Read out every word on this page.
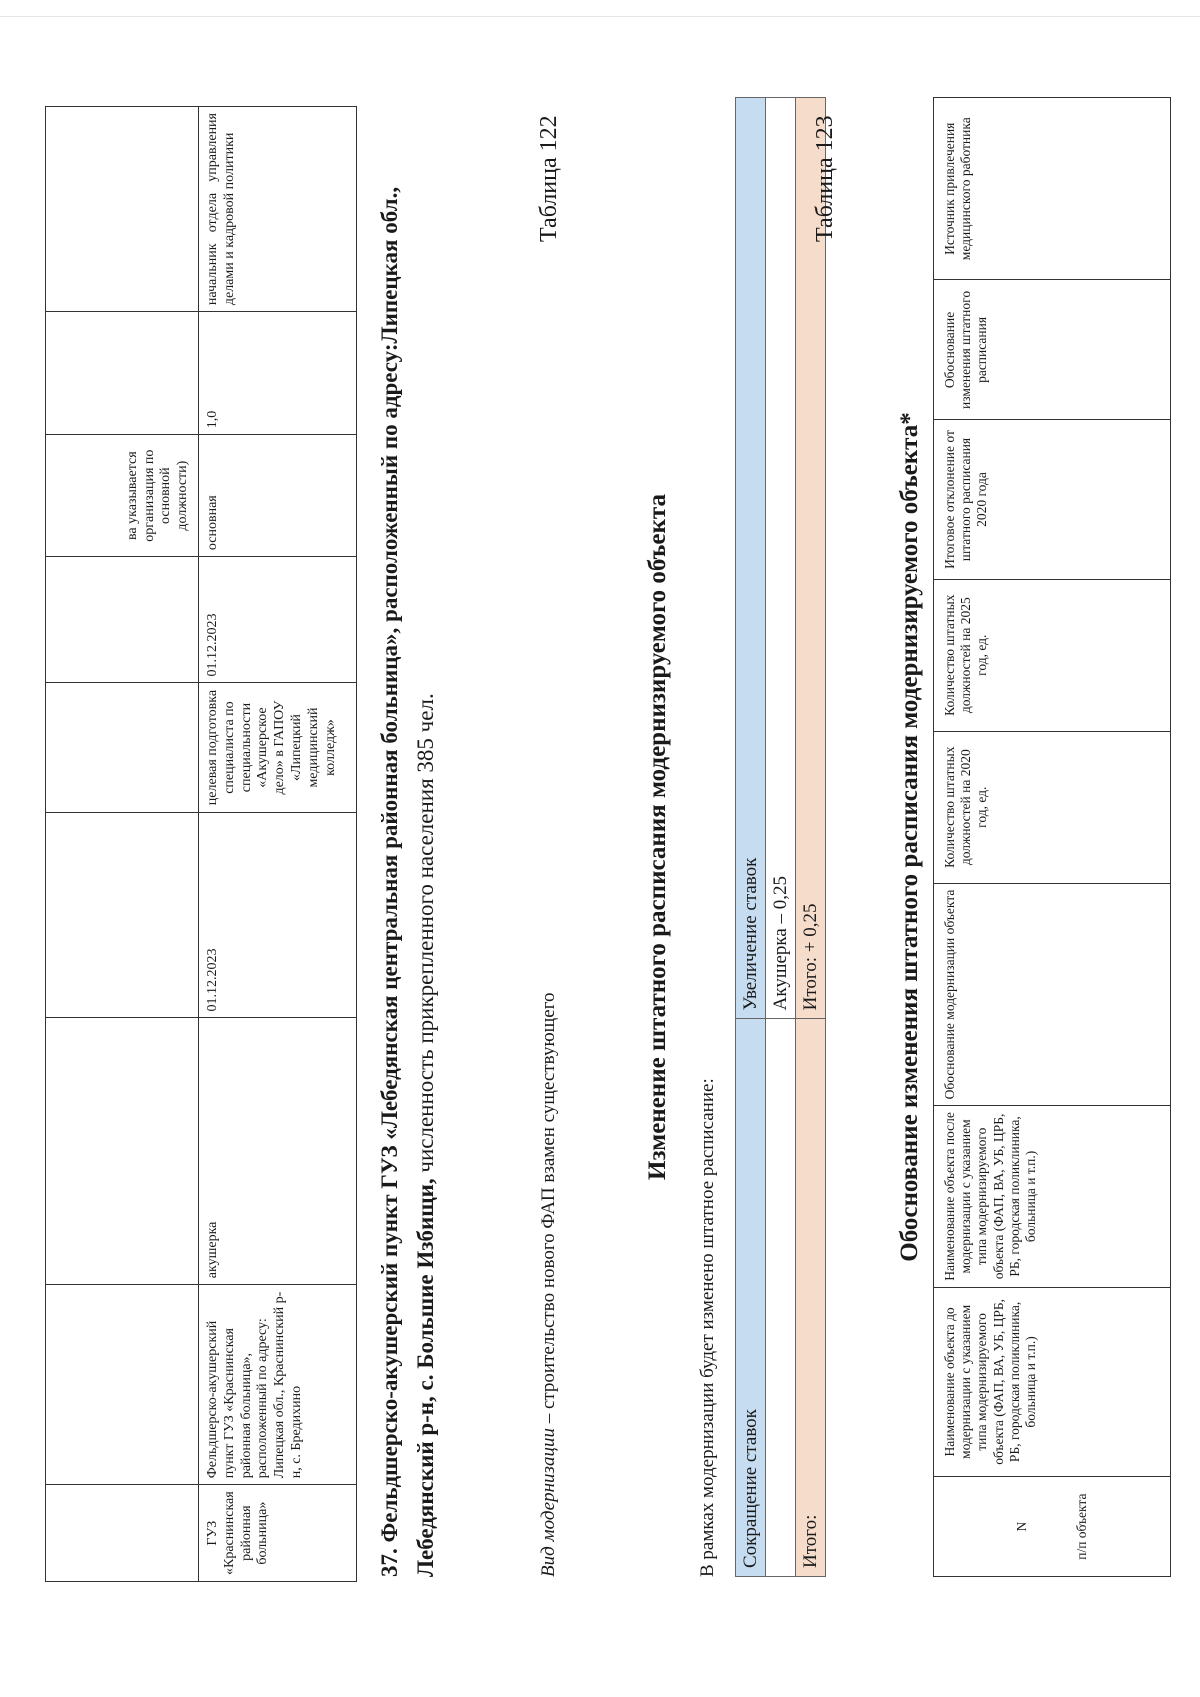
						ва указывается организация по основной должности)		
ГУЗ «Краснинская районная больница»	Фельдшерско-акушерский пункт ГУЗ «Краснинская районная больница», расположенный по адресу: Липецкая обл., Краснинский р-н, с. Бредихино	акушерка	01.12.2023	целевая подготовка специалиста по специальности «Акушерское дело» в ГАПОУ «Липецкий медицинский колледж»	01.12.2023	основная	1,0	начальник отдела управления делами и кадровой политики	37. Фельдшерско-акушерский пункт ГУЗ «Лебедянская центральная районная больница», расположенный по адресу:Липецкая обл., Лебедянский р-н, с. Большие Избищи, численность прикрепленного населения 385 чел.
Таблица 122
Вид модернизации – строительство нового ФАП взамен существующего
Изменение штатного расписания модернизируемого объекта
В рамках модернизации будет изменено штатное расписание: Сокращение ставок	Увеличение ставок
	Акушерка – 0,25
Итого:	Итого: + 0,25
Таблица 123
Обоснование изменения штатного расписания модернизируемого объекта*
N	п/п объекта
	Наименование объекта до модернизации с указанием типа модернизируемого объекта (ФАП, ВА, УБ, ЦРБ, РБ, городская поликлиника, больница и т.п.)	Наименование объекта после модернизации с указанием типа модернизируемого объекта (ФАП, ВА, УБ, ЦРБ, РБ, городская поликлиника, больница и т.п.)	Обоснование модернизации объекта	Количество штатных должностей на 2020 год, ед.	Количество штатных должностей на 2025 год, ед.	Итоговое отклонение от штатного расписания 2020 года	Обоснование изменения штатного расписания	Источник привлечения медицинского работника
